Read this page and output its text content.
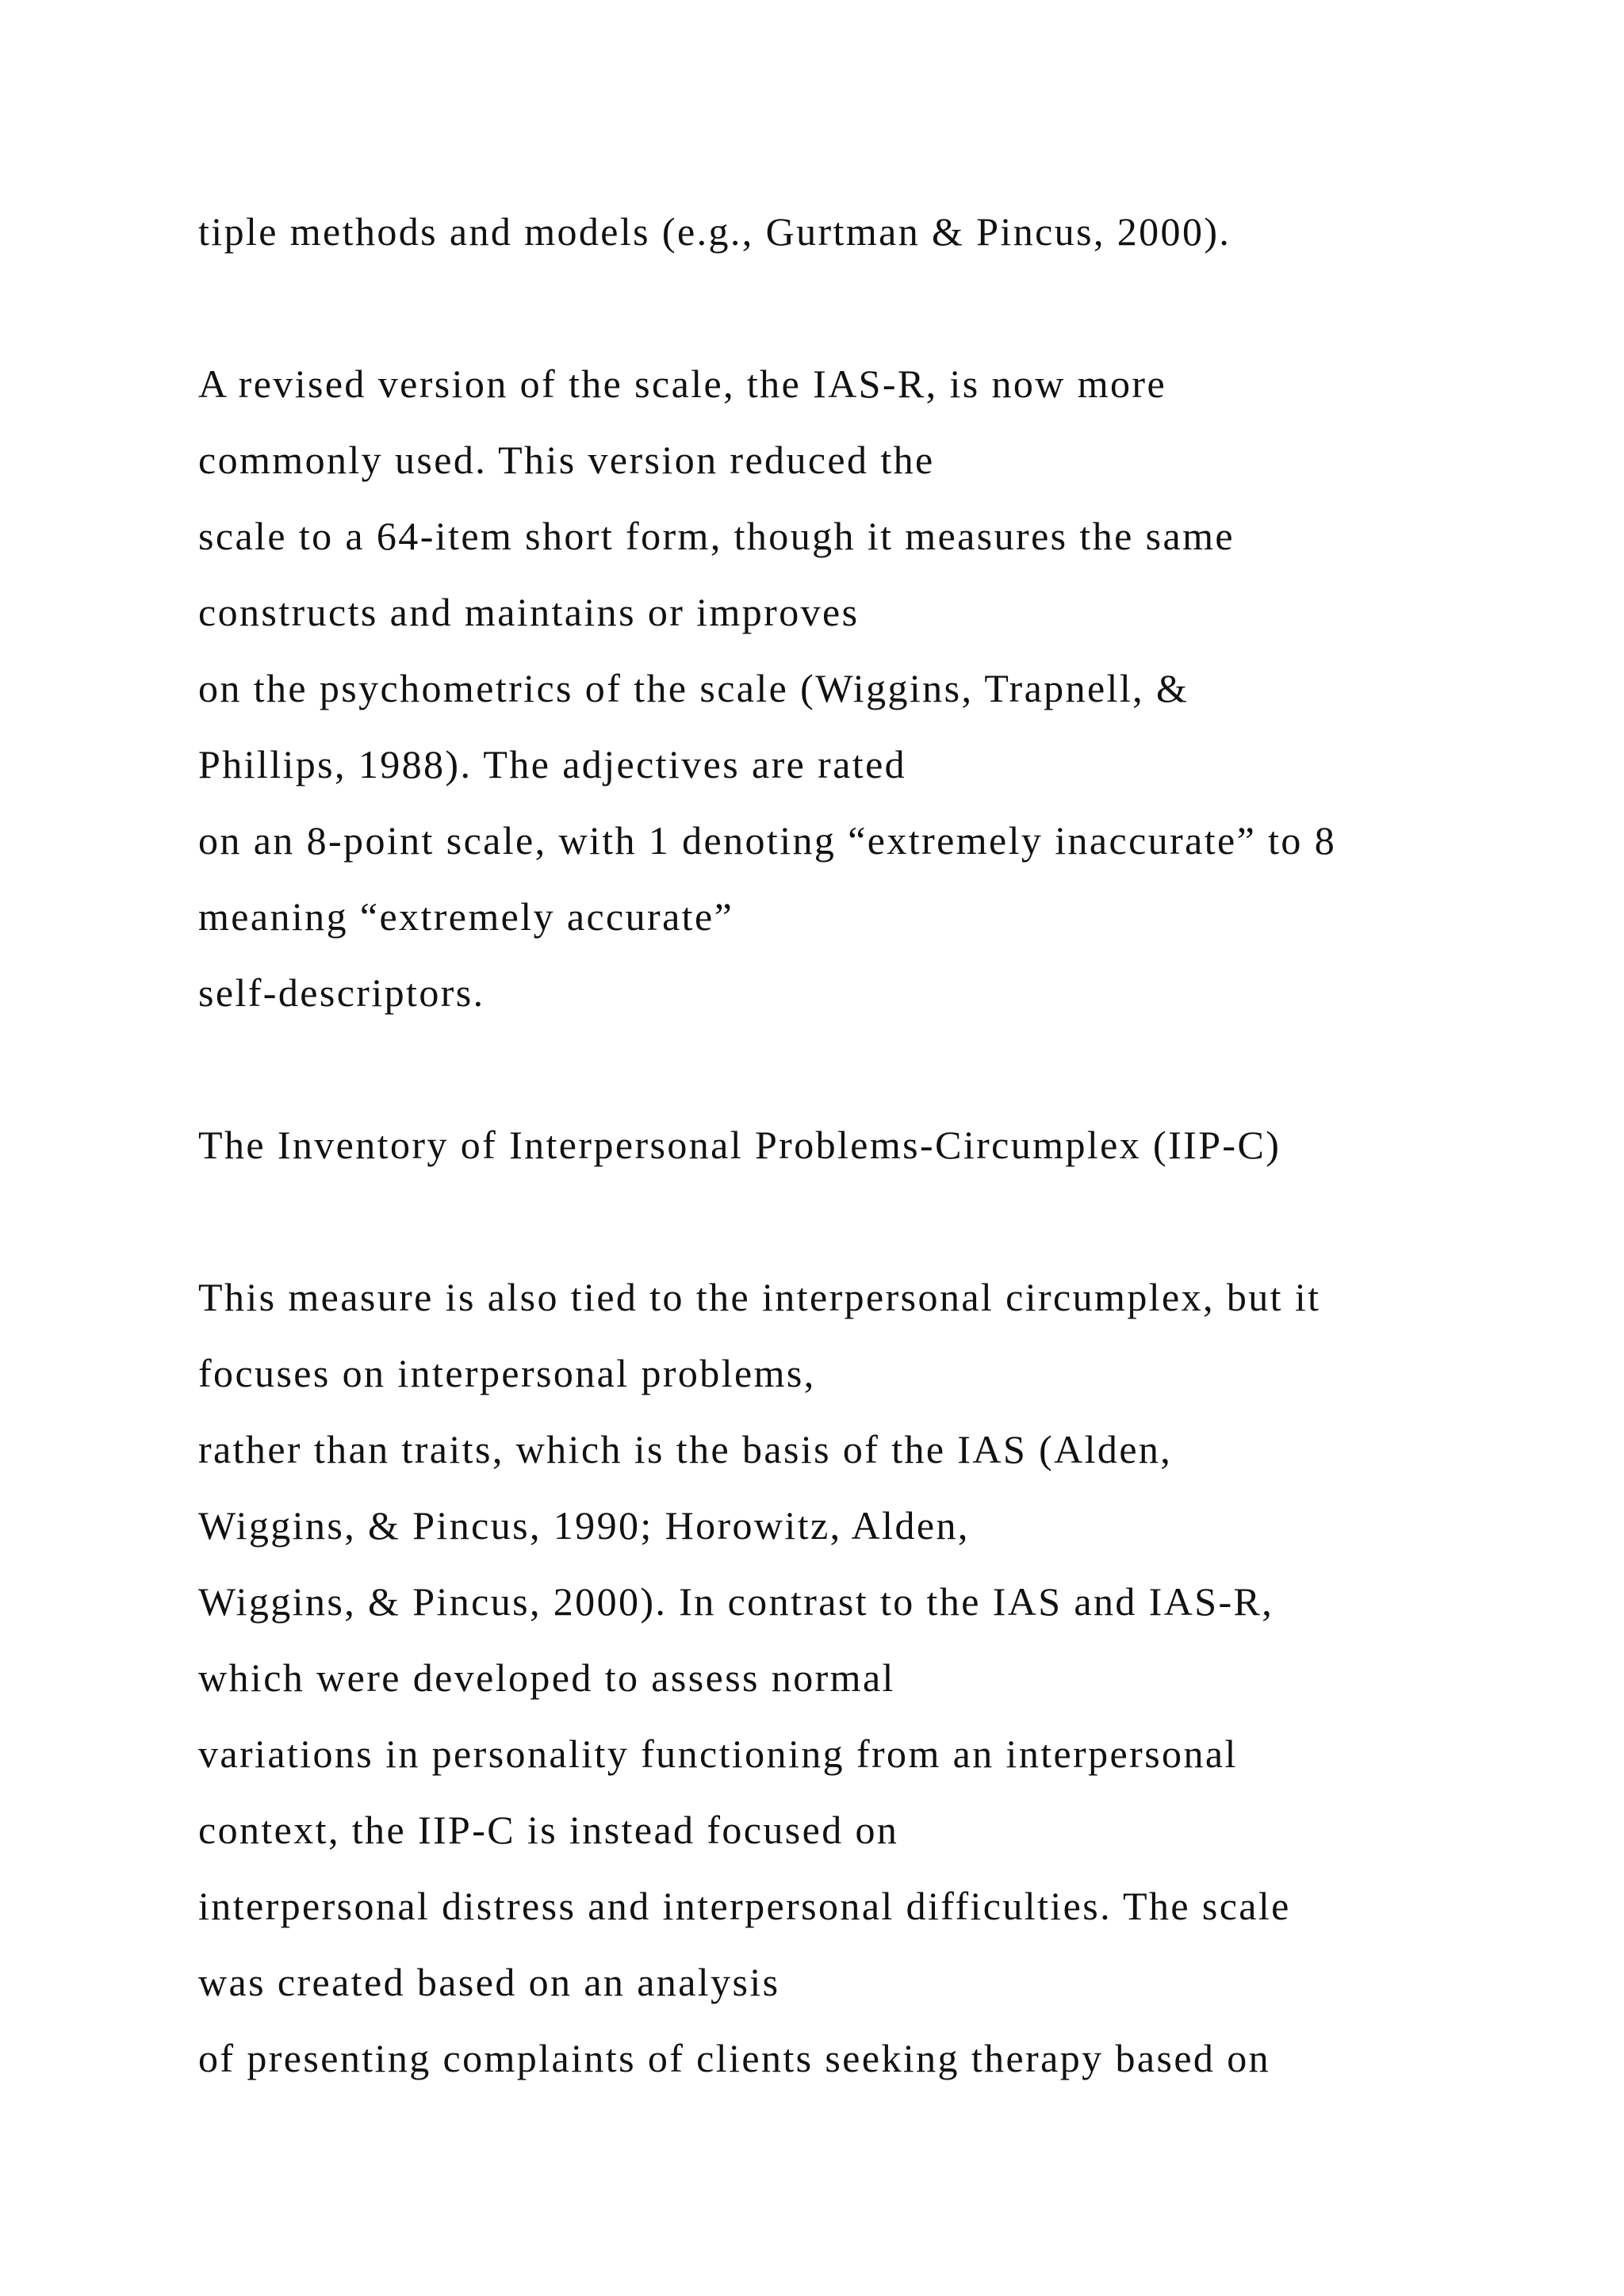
tiple methods and models (e.g., Gurtman & Pincus, 2000).
A revised version of the scale, the IAS-R, is now more
commonly used. This version reduced the
scale to a 64-item short form, though it measures the same
constructs and maintains or improves
on the psychometrics of the scale (Wiggins, Trapnell, &
Phillips, 1988). The adjectives are rated
on an 8-point scale, with 1 denoting “extremely inaccurate” to 8
meaning “extremely accurate”
self-descriptors.
The Inventory of Interpersonal Problems-Circumplex (IIP-C)
This measure is also tied to the interpersonal circumplex, but it
focuses on interpersonal problems,
rather than traits, which is the basis of the IAS (Alden,
Wiggins, & Pincus, 1990; Horowitz, Alden,
Wiggins, & Pincus, 2000). In contrast to the IAS and IAS-R,
which were developed to assess normal
variations in personality functioning from an interpersonal
context, the IIP-C is instead focused on
interpersonal distress and interpersonal difficulties. The scale
was created based on an analysis
of presenting complaints of clients seeking therapy based on
